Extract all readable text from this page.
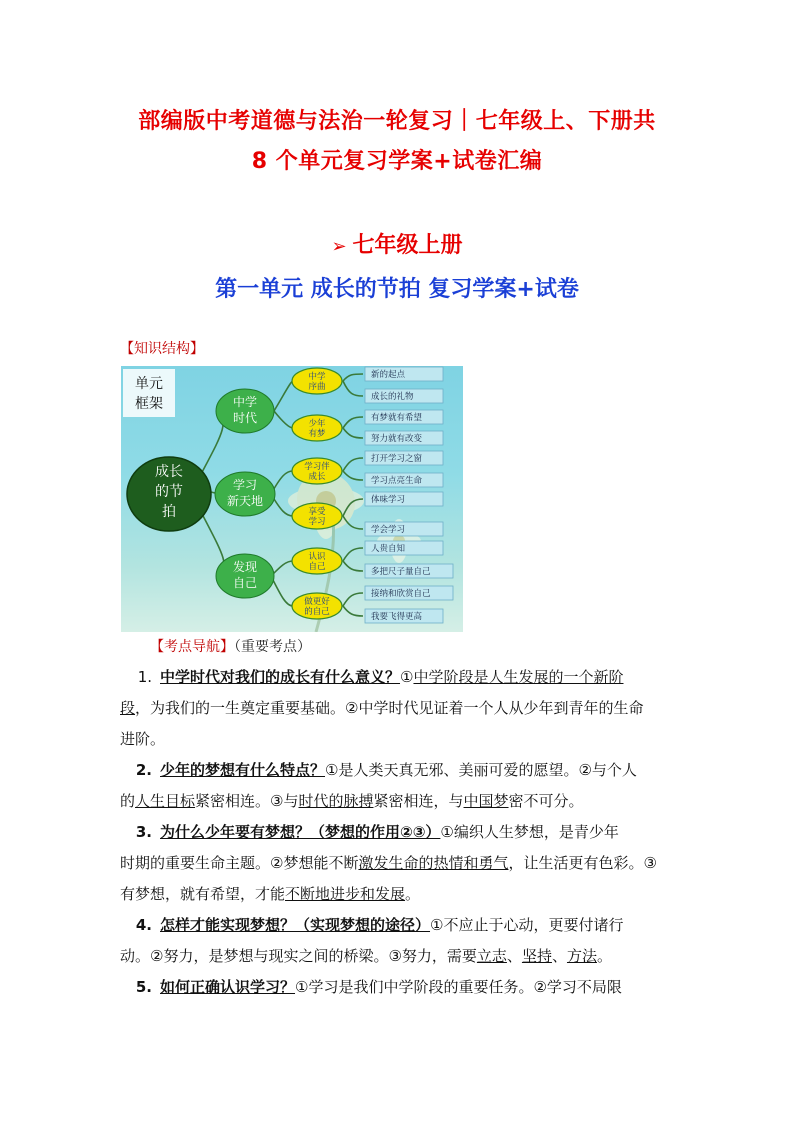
部编版中考道德与法治一轮复习｜七年级上、下册共
8 个单元复习学案+试卷汇编
➢ 七年级上册
第一单元 成长的节拍 复习学案+试卷
【知识结构】
单元
框架
成长
的节
拍
中学
时代
学习
新天地
发现
自己
中学
序曲
少年
有梦
学习伴
成长
享受
学习
认识
自己
做更好
的自己
新的起点
成长的礼物
有梦就有希望
努力就有改变
打开学习之窗
学习点亮生命
体味学习
学会学习
人贵自知
多把尺子量自己
接纳和欣赏自己
我要飞得更高
【考点导航】（重要考点）
1. 中学时代对我们的成长有什么意义？①中学阶段是人生发展的一个新阶
段，为我们的一生奠定重要基础。②中学时代见证着一个人从少年到青年的生命
进阶。
2. 少年的梦想有什么特点？①是人类天真无邪、美丽可爱的愿望。②与个人
的人生目标紧密相连。③与时代的脉搏紧密相连，与中国梦密不可分。
3. 为什么少年要有梦想？（梦想的作用②③）①编织人生梦想，是青少年
时期的重要生命主题。②梦想能不断激发生命的热情和勇气，让生活更有色彩。③
有梦想，就有希望，才能不断地进步和发展。
4. 怎样才能实现梦想？（实现梦想的途径）①不应止于心动，更要付诸行
动。②努力，是梦想与现实之间的桥梁。③努力，需要立志、坚持、方法。
5. 如何正确认识学习？①学习是我们中学阶段的重要任务。②学习不局限
